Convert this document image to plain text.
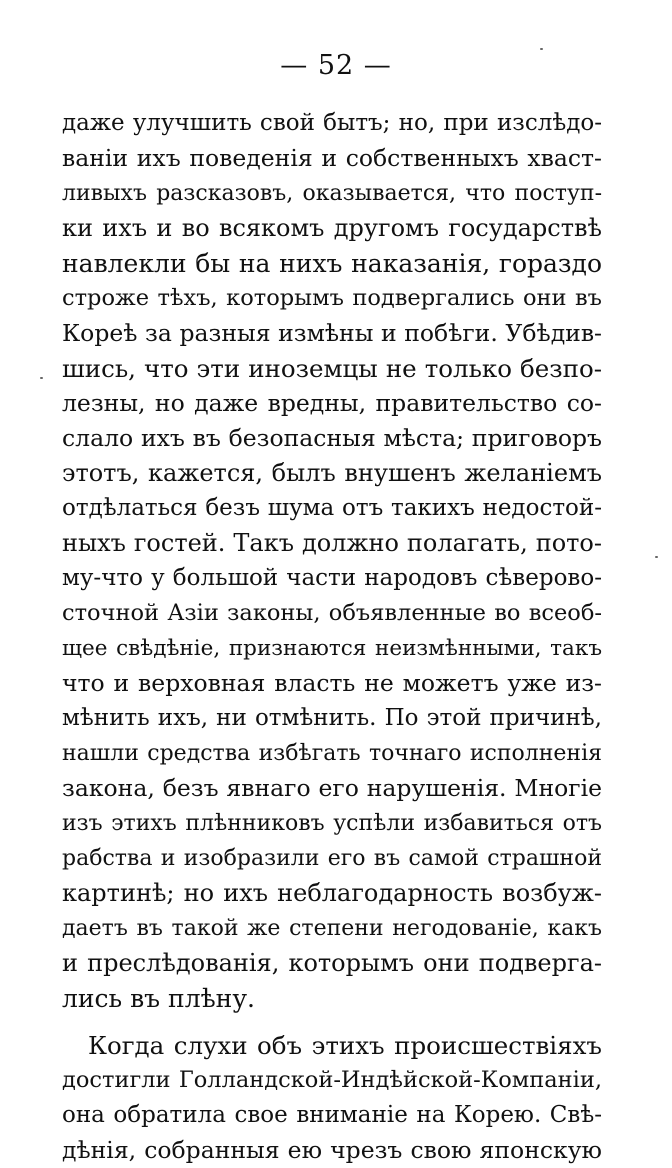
— 52 —
даже улучшить свой бытъ; но, при изслѣдо-
ваніи ихъ поведенія и собственныхъ хваст-
ливыхъ разсказовъ, оказывается, что поступ-
ки ихъ и во всякомъ другомъ государствѣ
навлекли бы на нихъ наказанія, гораздо
строже тѣхъ, которымъ подвергались они въ
Кореѣ за разныя измѣны и побѣги. Убѣдив-
шись, что эти иноземцы не только безпо-
лезны, но даже вредны, правительство со-
слало ихъ въ безопасныя мѣста; приговоръ
этотъ, кажется, былъ внушенъ желаніемъ
отдѣлаться безъ шума отъ такихъ недостой-
ныхъ гостей. Такъ должно полагать, пото-
му-что у большой части народовъ сѣверово-
сточной Азіи законы, объявленные во всеоб-
щее свѣдѣніе, признаются неизмѣнными, такъ
что и верховная власть не можетъ уже из-
мѣнить ихъ, ни отмѣнить. По этой причинѣ,
нашли средства избѣгать точнаго исполненія
закона, безъ явнаго его нарушенія. Многіе
изъ этихъ плѣнниковъ успѣли избавиться отъ
рабства и изобразили его въ самой страшной
картинѣ; но ихъ неблагодарность возбуж-
даетъ въ такой же степени негодованіе, какъ
и преслѣдованія, которымъ они подверга-
лись въ плѣну.
Когда слухи объ этихъ происшествіяхъ
достигли Голландской-Индѣйской-Компаніи,
она обратила свое вниманіе на Корею. Свѣ-
дѣнія, собранныя ею чрезъ свою японскую
